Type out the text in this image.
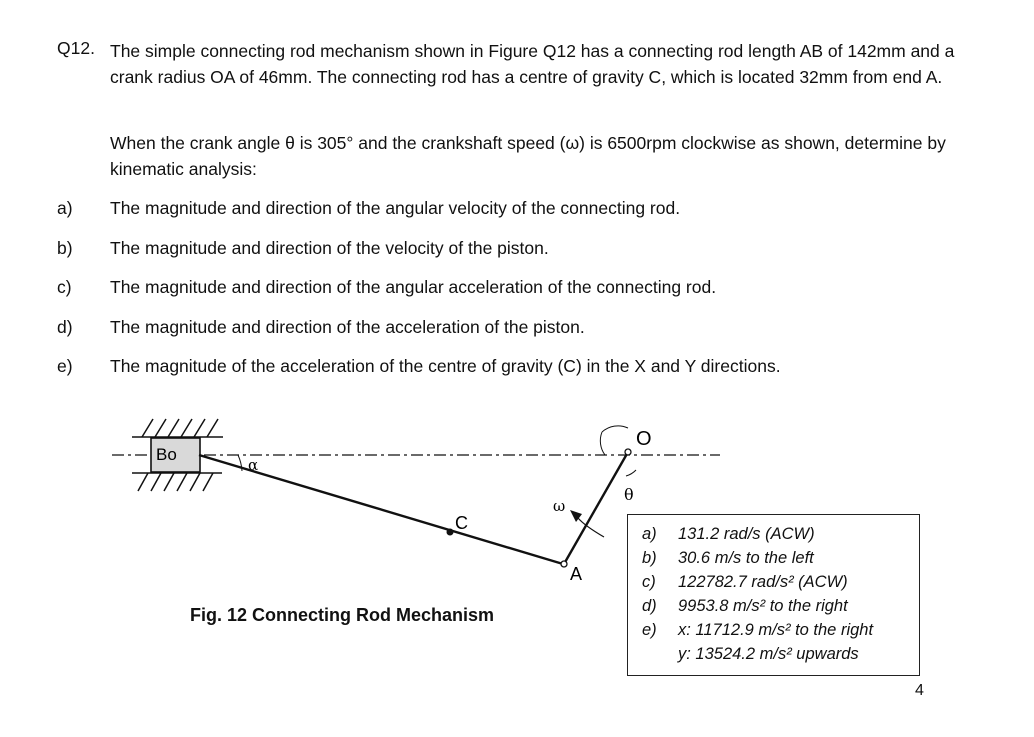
Q12. The simple connecting rod mechanism shown in Figure Q12 has a connecting rod length AB of 142mm and a crank radius OA of 46mm. The connecting rod has a centre of gravity C, which is located 32mm from end A.
When the crank angle θ is 305° and the crankshaft speed (ω) is 6500rpm clockwise as shown, determine by kinematic analysis:
a) The magnitude and direction of the angular velocity of the connecting rod.
b) The magnitude and direction of the velocity of the piston.
c) The magnitude and direction of the angular acceleration of the connecting rod.
d) The magnitude and direction of the acceleration of the piston.
e) The magnitude of the acceleration of the centre of gravity (C) in the X and Y directions.
Bo
α
C
A
O
θ
ω
Fig. 12 Connecting Rod Mechanism
a) 131.2 rad/s (ACW)
b) 30.6 m/s to the left
c) 122782.7 rad/s² (ACW)
d) 9953.8 m/s² to the right
e) x: 11712.9 m/s² to the right
y: 13524.2 m/s² upwards
4
